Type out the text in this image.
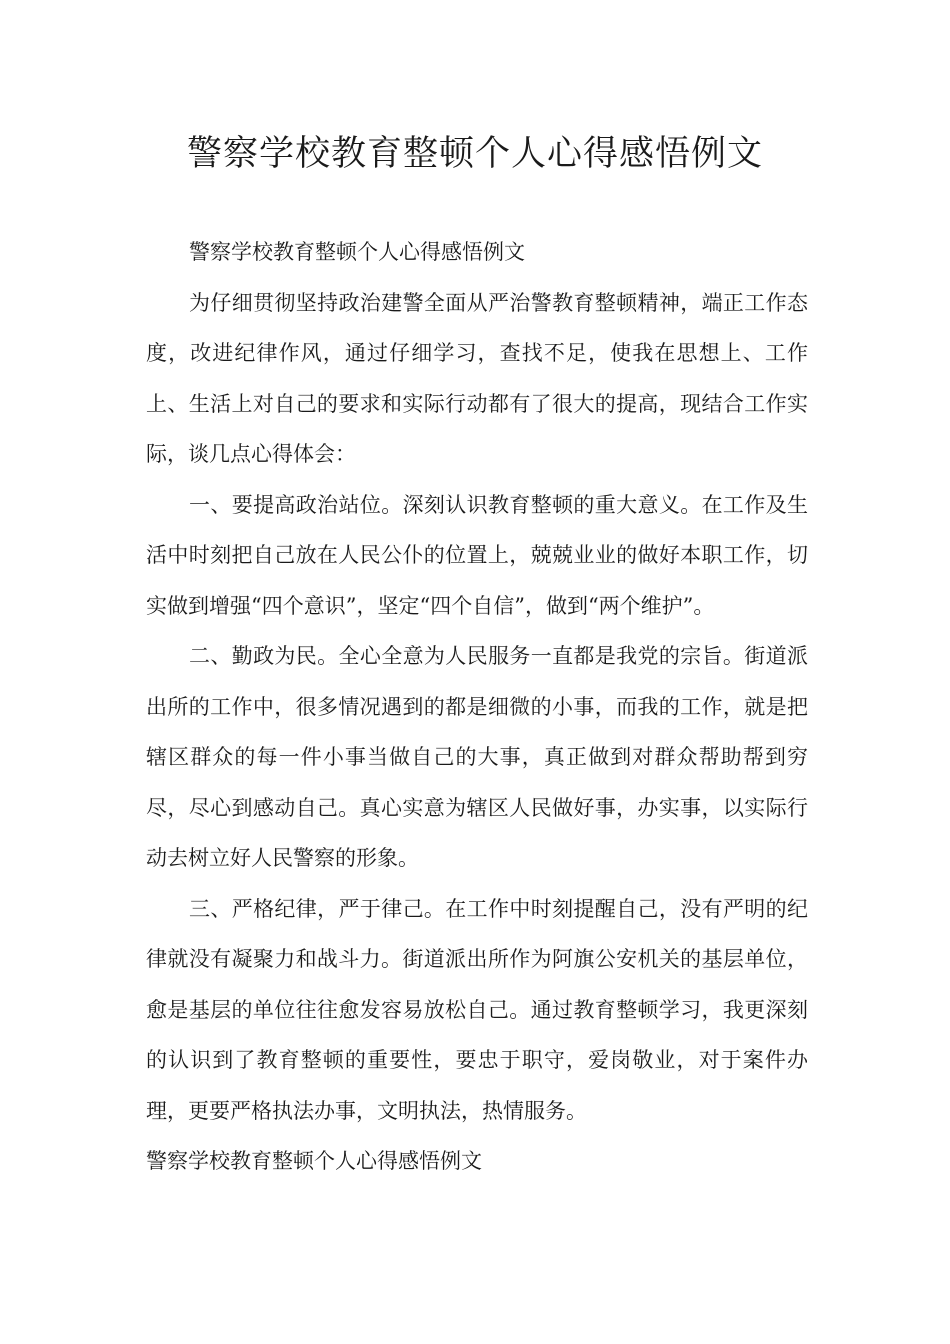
警察学校教育整顿个人心得感悟例文

警察学校教育整顿个人心得感悟例文

为仔细贯彻坚持政治建警全面从严治警教育整顿精神，端正工作态度，改进纪律作风，通过仔细学习，查找不足，使我在思想上、工作上、生活上对自己的要求和实际行动都有了很大的提高，现结合工作实际，谈几点心得体会：

一、要提高政治站位。深刻认识教育整顿的重大意义。在工作及生活中时刻把自己放在人民公仆的位置上，兢兢业业的做好本职工作，切实做到增强“四个意识”，坚定“四个自信”，做到“两个维护”。

二、勤政为民。全心全意为人民服务一直都是我党的宗旨。街道派出所的工作中，很多情况遇到的都是细微的小事，而我的工作，就是把辖区群众的每一件小事当做自己的大事，真正做到对群众帮助帮到穷尽，尽心到感动自己。真心实意为辖区人民做好事，办实事，以实际行动去树立好人民警察的形象。

三、严格纪律，严于律己。在工作中时刻提醒自己，没有严明的纪律就没有凝聚力和战斗力。街道派出所作为阿旗公安机关的基层单位，愈是基层的单位往往愈发容易放松自己。通过教育整顿学习，我更深刻的认识到了教育整顿的重要性，要忠于职守，爱岗敬业，对于案件办理，更要严格执法办事，文明执法，热情服务。

警察学校教育整顿个人心得感悟例文
